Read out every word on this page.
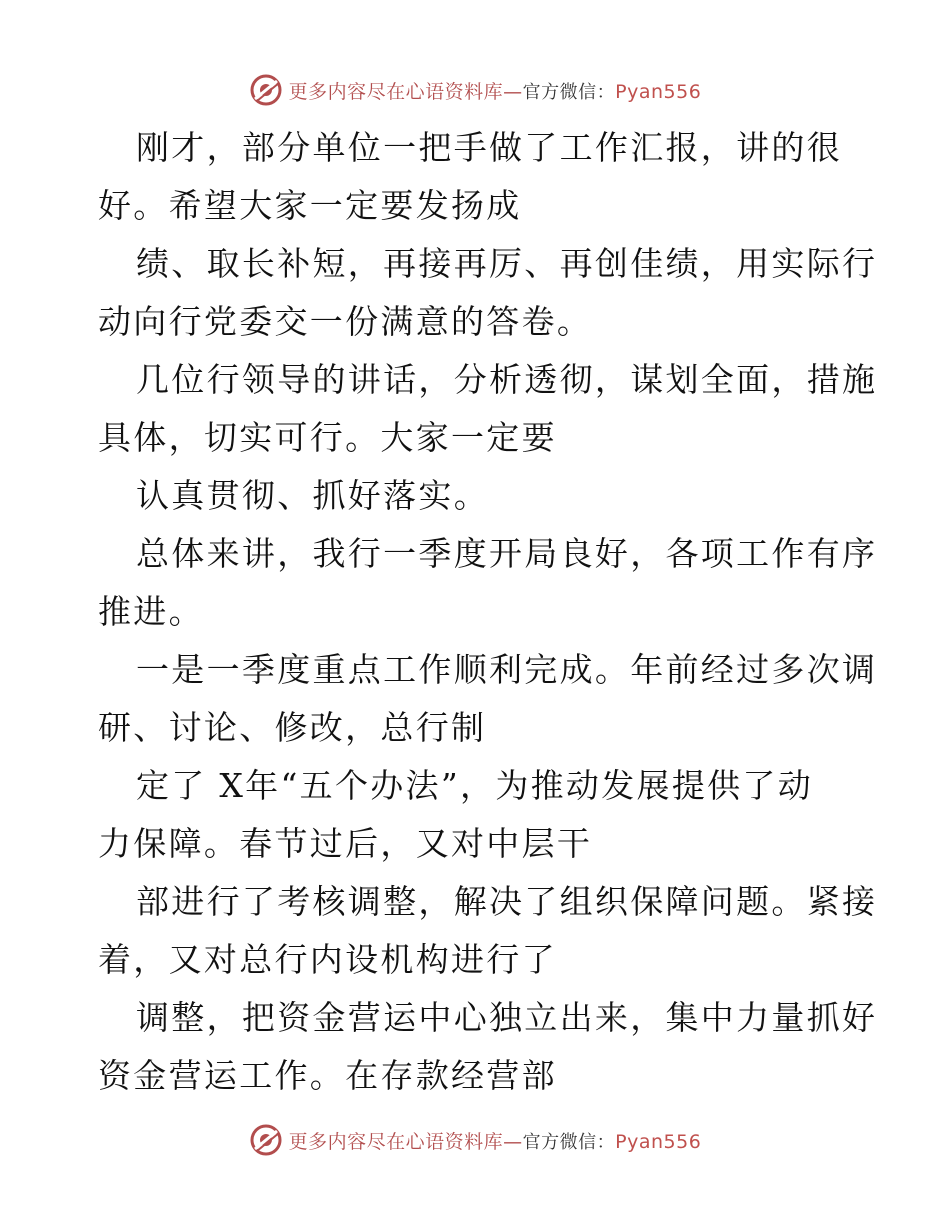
更多内容尽在心语资料库—官方微信：Pyan556
刚才，部分单位一把手做了工作汇报，讲的很
好。希望大家一定要发扬成
绩、取长补短，再接再厉、再创佳绩，用实际行
动向行党委交一份满意的答卷。
几位行领导的讲话，分析透彻，谋划全面，措施
具体，切实可行。大家一定要
认真贯彻、抓好落实。
总体来讲，我行一季度开局良好，各项工作有序
推进。
一是一季度重点工作顺利完成。年前经过多次调
研、讨论、修改，总行制
定了 X年“五个办法”，为推动发展提供了动
力保障。春节过后，又对中层干
部进行了考核调整，解决了组织保障问题。紧接
着，又对总行内设机构进行了
调整，把资金营运中心独立出来，集中力量抓好
资金营运工作。在存款经营部
更多内容尽在心语资料库—官方微信：Pyan556
